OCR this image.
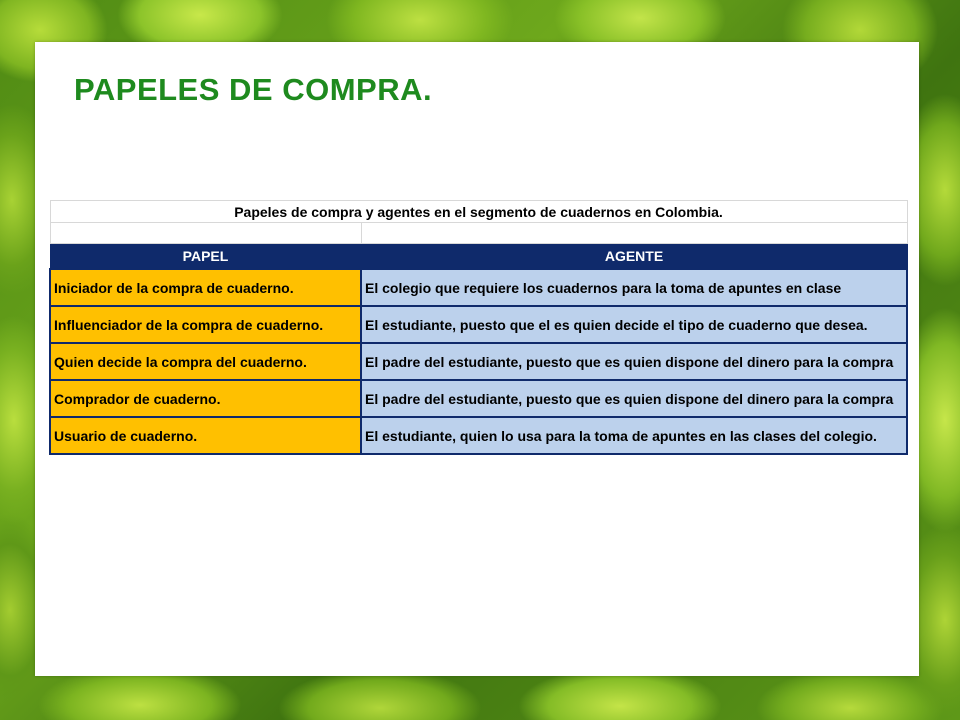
PAPELES DE COMPRA.
Papeles de compra y agentes en el segmento de cuadernos en Colombia.	

PAPEL	AGENTE
Iniciador de la compra de cuaderno.	El colegio que requiere los cuadernos para la toma de apuntes en clase
Influenciador de la compra de cuaderno.	El estudiante, puesto que el es quien decide el tipo de cuaderno que desea.
Quien decide la compra del cuaderno.	El padre del estudiante, puesto que es quien dispone del dinero para la compra
Comprador de cuaderno.	El padre del estudiante, puesto que es quien dispone del dinero para la compra
Usuario de cuaderno.	El estudiante, quien lo usa para la toma de apuntes en las clases del colegio.
